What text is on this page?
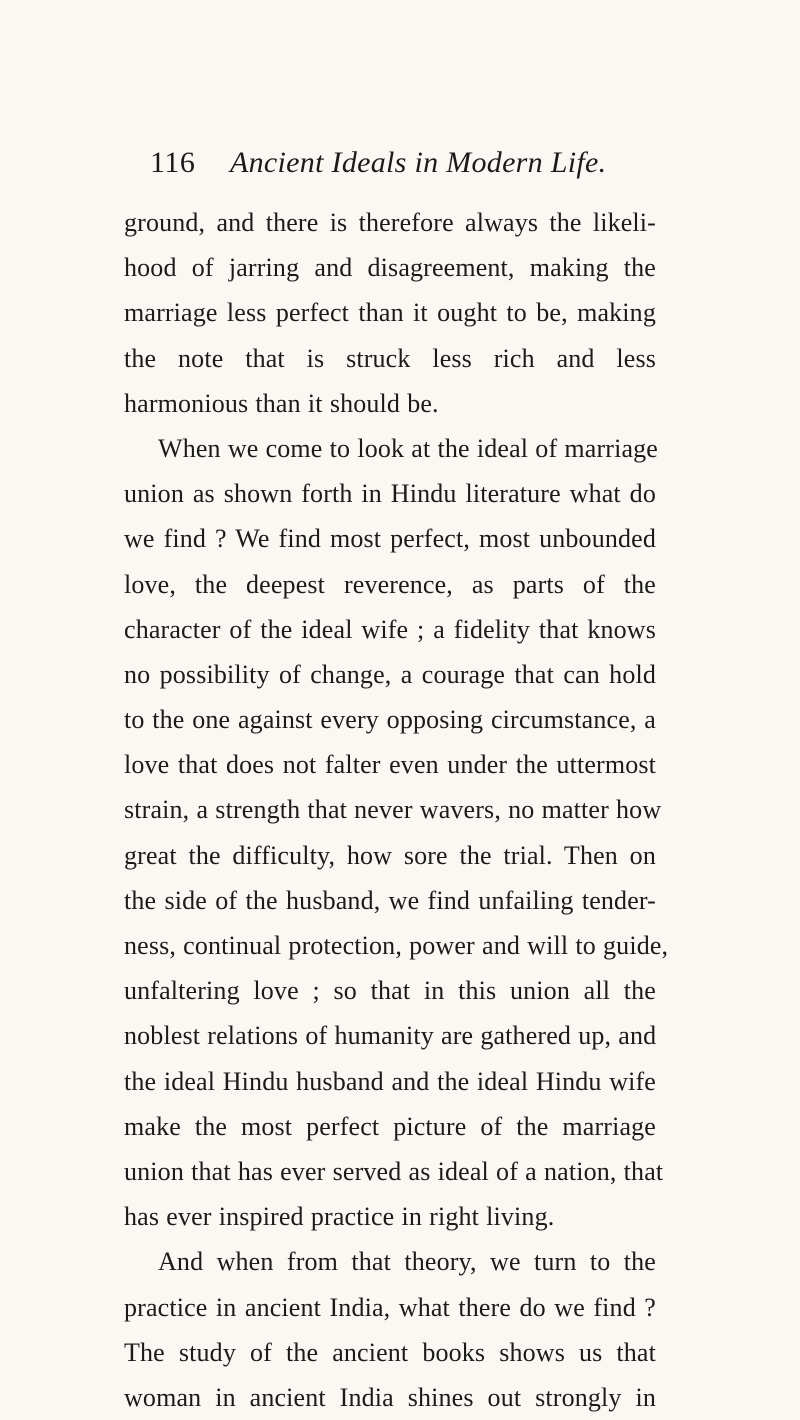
116 Ancient Ideals in Modern Life.
ground, and there is therefore always the likeli-
hood of jarring and disagreement, making the
marriage less perfect than it ought to be, making
the note that is struck less rich and less
harmonious than it should be.
When we come to look at the ideal of marriage
union as shown forth in Hindu literature what do
we find ? We find most perfect, most unbounded
love, the deepest reverence, as parts of the
character of the ideal wife ; a fidelity that knows
no possibility of change, a courage that can hold
to the one against every opposing circumstance, a
love that does not falter even under the uttermost
strain, a strength that never wavers, no matter how
great the difficulty, how sore the trial. Then on
the side of the husband, we find unfailing tender-
ness, continual protection, power and will to guide,
unfaltering love ; so that in this union all the
noblest relations of humanity are gathered up, and
the ideal Hindu husband and the ideal Hindu wife
make the most perfect picture of the marriage
union that has ever served as ideal of a nation, that
has ever inspired practice in right living.
And when from that theory, we turn to the
practice in ancient India, what there do we find ?
The study of the ancient books shows us that
woman in ancient India shines out strongly in
